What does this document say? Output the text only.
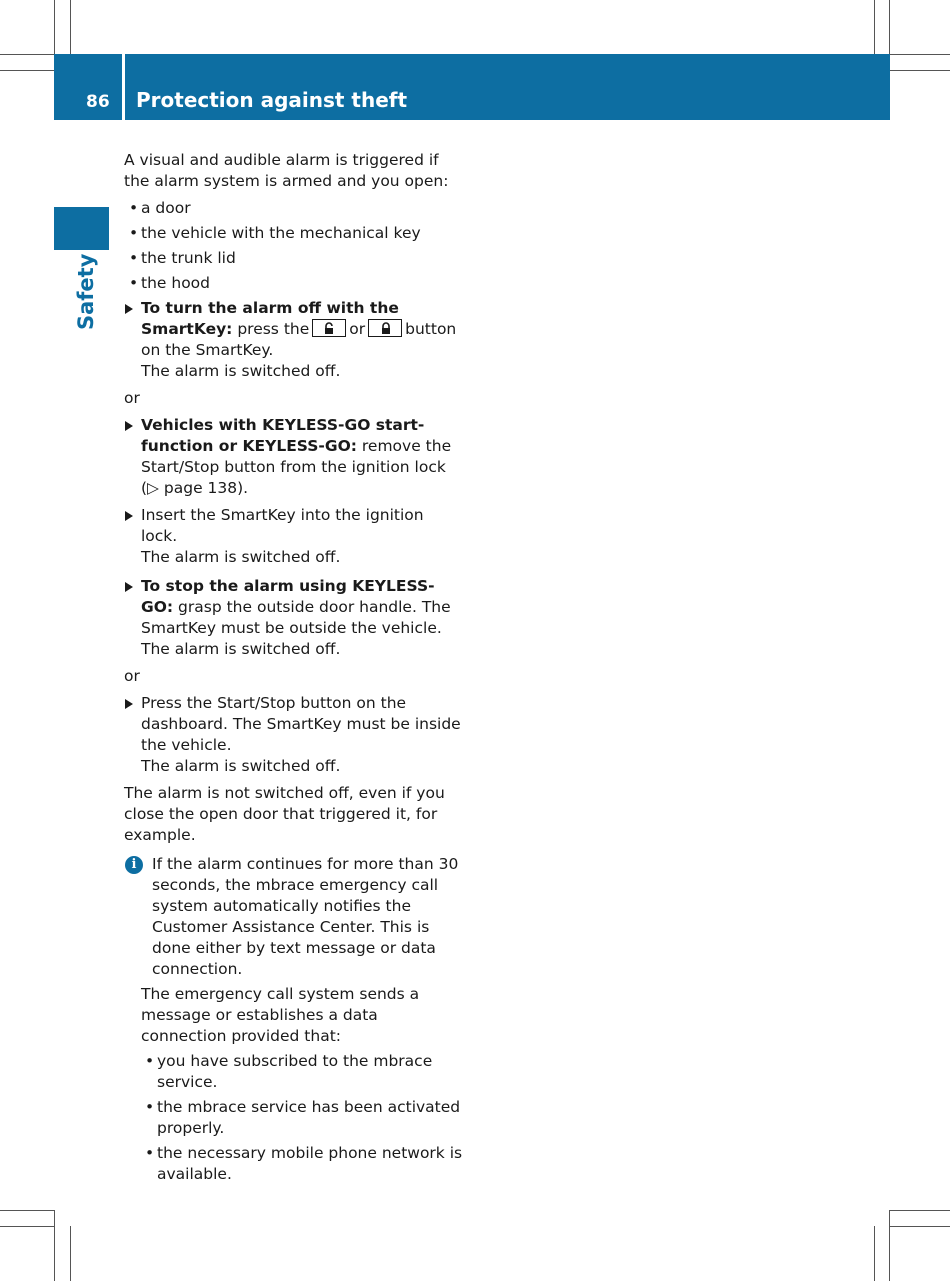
86 Protection against theft
Safety

A visual and audible alarm is triggered if the alarm system is armed and you open:

• a door
• the vehicle with the mechanical key
• the trunk lid
• the hood
To turn the alarm off with the SmartKey: press the	or	button on the SmartKey.
The alarm is switched off.
or
Vehicles with KEYLESS-GO start-function or KEYLESS-GO: remove the Start/Stop button from the ignition lock (▷ page 138).
Insert the SmartKey into the ignition lock.
The alarm is switched off.
To stop the alarm using KEYLESS-GO: grasp the outside door handle. The SmartKey must be outside the vehicle.
The alarm is switched off.
or
Press the Start/Stop button on the dashboard. The SmartKey must be inside the vehicle.
The alarm is switched off.

The alarm is not switched off, even if you close the open door that triggered it, for example.

i	If the alarm continues for more than 30 seconds, the mbrace emergency call system automatically notifies the Customer Assistance Center. This is done either by text message or data connection.
The emergency call system sends a message or establishes a data connection provided that:
• you have subscribed to the mbrace service.
• the mbrace service has been activated properly.
• the necessary mobile phone network is available.
